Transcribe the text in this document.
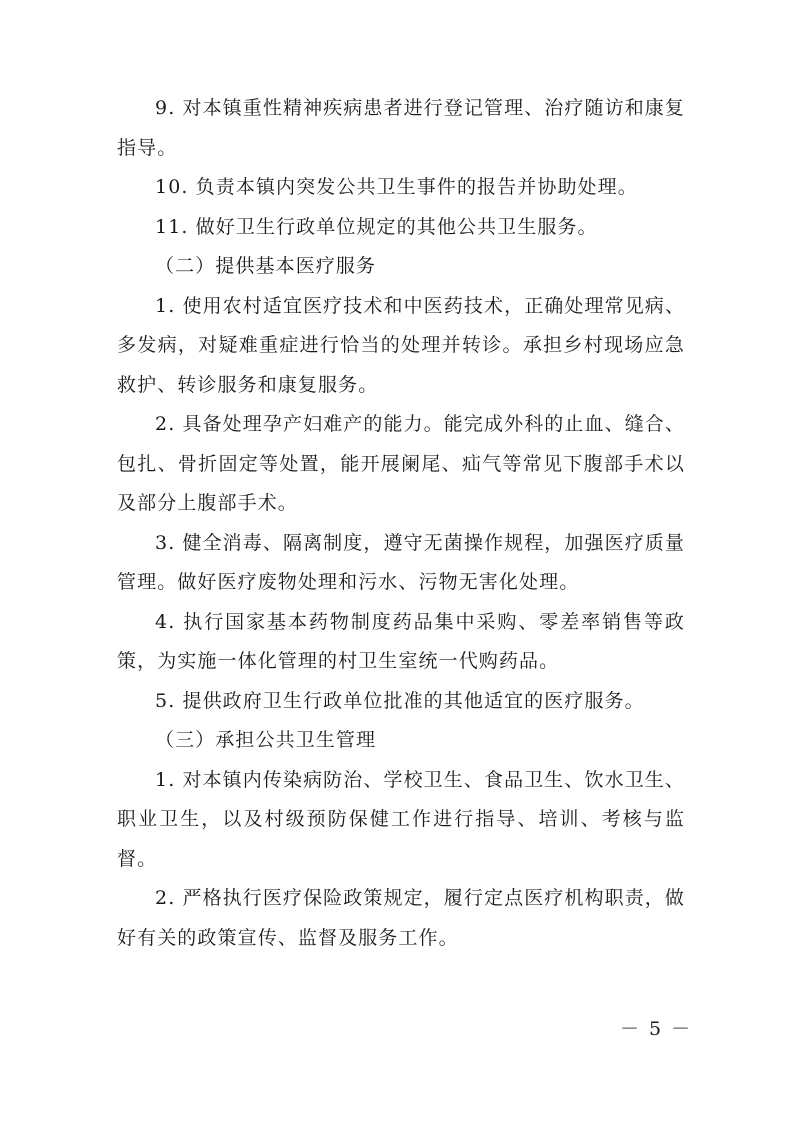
9. 对本镇重性精神疾病患者进行登记管理、治疗随访和康复指导。

10. 负责本镇内突发公共卫生事件的报告并协助处理。

11. 做好卫生行政单位规定的其他公共卫生服务。

（二）提供基本医疗服务

1. 使用农村适宜医疗技术和中医药技术，正确处理常见病、多发病，对疑难重症进行恰当的处理并转诊。承担乡村现场应急救护、转诊服务和康复服务。

2. 具备处理孕产妇难产的能力。能完成外科的止血、缝合、包扎、骨折固定等处置，能开展阑尾、疝气等常见下腹部手术以及部分上腹部手术。

3. 健全消毒、隔离制度，遵守无菌操作规程，加强医疗质量管理。做好医疗废物处理和污水、污物无害化处理。

4. 执行国家基本药物制度药品集中采购、零差率销售等政策，为实施一体化管理的村卫生室统一代购药品。

5. 提供政府卫生行政单位批准的其他适宜的医疗服务。

（三）承担公共卫生管理

1. 对本镇内传染病防治、学校卫生、食品卫生、饮水卫生、职业卫生，以及村级预防保健工作进行指导、培训、考核与监督。

2. 严格执行医疗保险政策规定，履行定点医疗机构职责，做好有关的政策宣传、监督及服务工作。

－ 5 －
